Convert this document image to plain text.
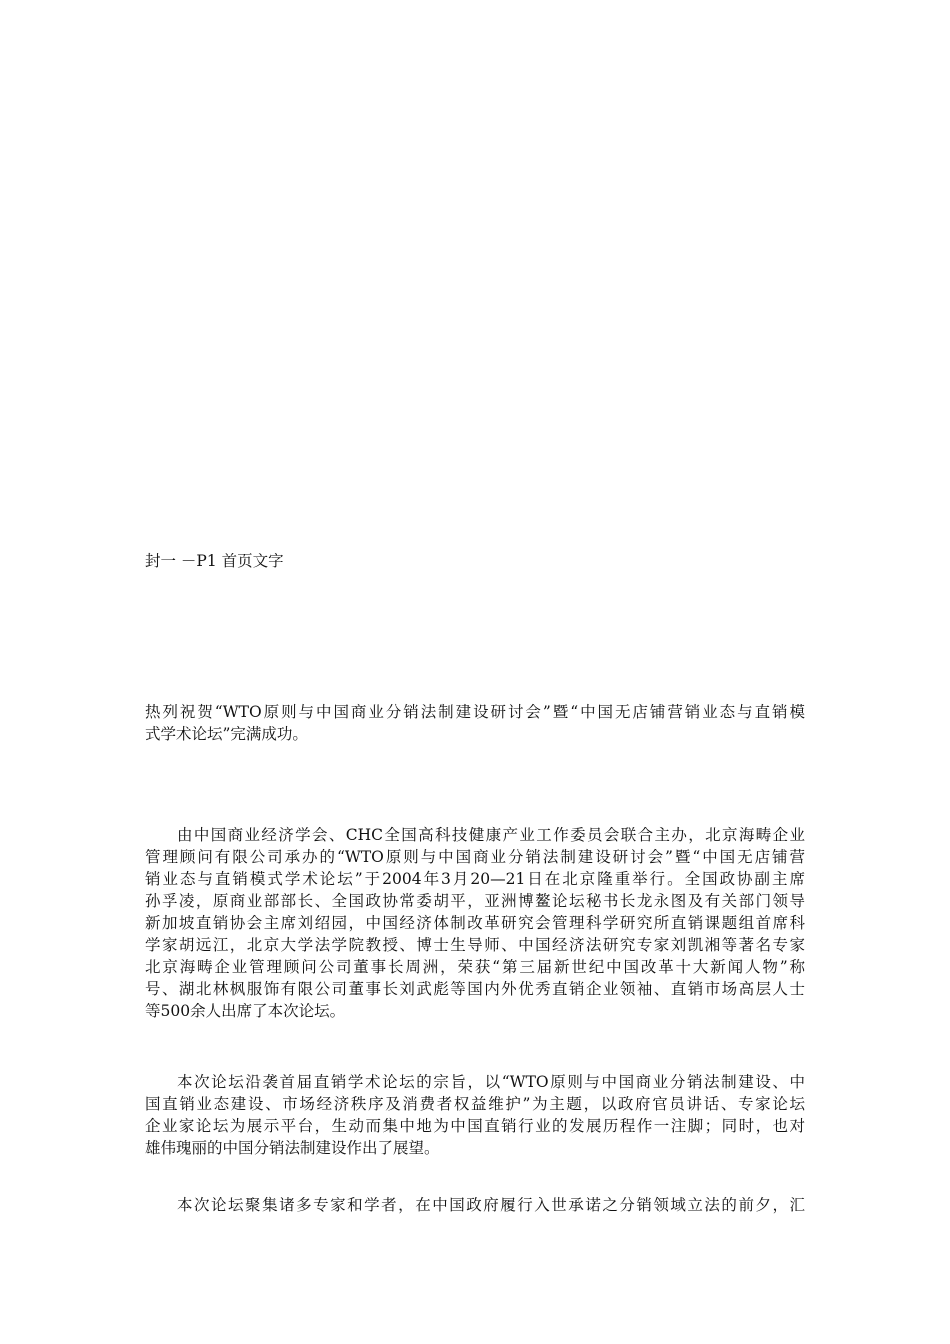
封一 －P1 首页文字
热列祝贺“WTO原则与中国商业分销法制建设研讨会”暨“中国无店铺营销业态与直销模
式学术论坛”完满成功。
由中国商业经济学会、CHC全国高科技健康产业工作委员会联合主办，北京海畴企业
管理顾问有限公司承办的“WTO原则与中国商业分销法制建设研讨会”暨“中国无店铺营
销业态与直销模式学术论坛”于2004年3月20—21日在北京隆重举行。全国政协副主席
孙孚凌，原商业部部长、全国政协常委胡平，亚洲博鳌论坛秘书长龙永图及有关部门领导
新加坡直销协会主席刘绍园，中国经济体制改革研究会管理科学研究所直销课题组首席科
学家胡远江，北京大学法学院教授、博士生导师、中国经济法研究专家刘凯湘等著名专家
北京海畴企业管理顾问公司董事长周洲，荣获“第三届新世纪中国改革十大新闻人物”称
号、湖北林枫服饰有限公司董事长刘武彪等国内外优秀直销企业领袖、直销市场高层人士
等500余人出席了本次论坛。
本次论坛沿袭首届直销学术论坛的宗旨，以“WTO原则与中国商业分销法制建设、中
国直销业态建设、市场经济秩序及消费者权益维护”为主题，以政府官员讲话、专家论坛
企业家论坛为展示平台，生动而集中地为中国直销行业的发展历程作一注脚；同时，也对
雄伟瑰丽的中国分销法制建设作出了展望。
本次论坛聚集诸多专家和学者，在中国政府履行入世承诺之分销领域立法的前夕，汇
